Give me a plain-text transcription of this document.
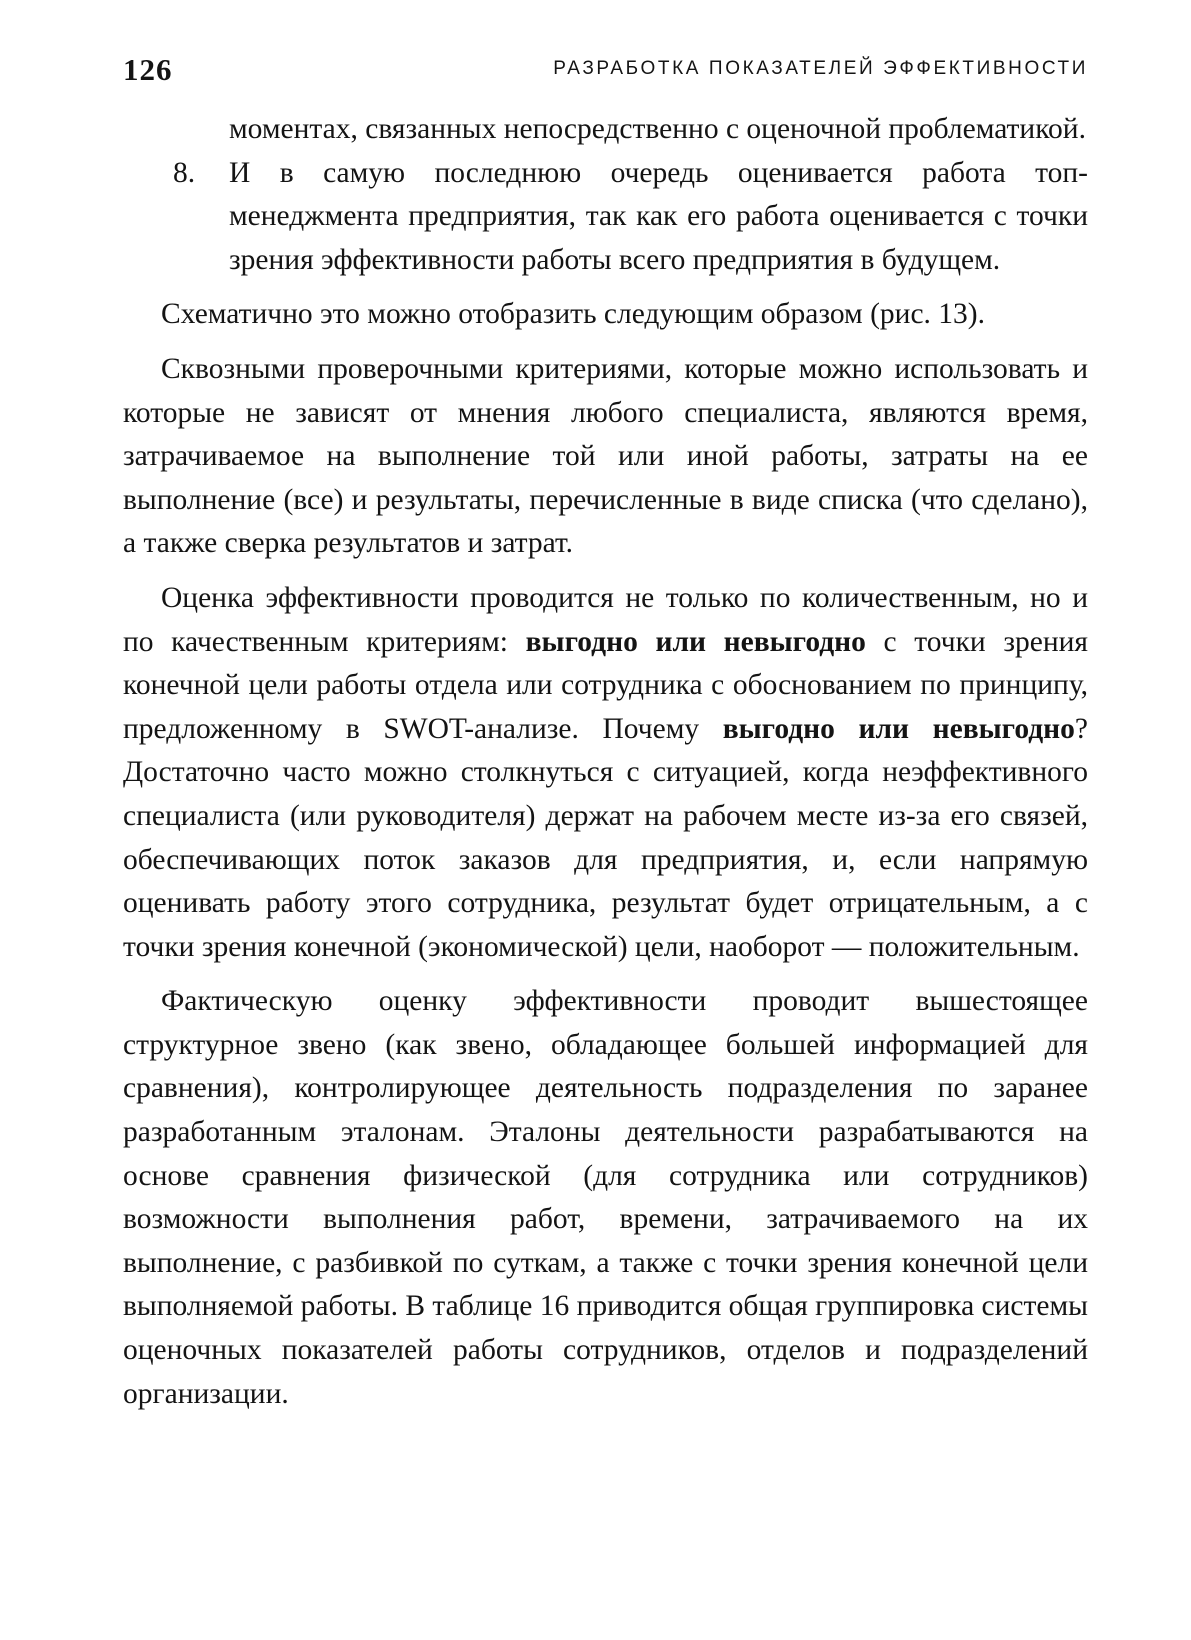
126	РАЗРАБОТКА ПОКАЗАТЕЛЕЙ ЭФФЕКТИВНОСТИ
моментах, связанных непосредственно с оценочной проблематикой.
8.	И в самую последнюю очередь оценивается работа топ-менеджмента предприятия, так как его работа оценивается с точки зрения эффективности работы всего предприятия в будущем.

Схематично это можно отобразить следующим образом (рис. 13).

Сквозными проверочными критериями, которые можно использовать и которые не зависят от мнения любого специалиста, являются время, затрачиваемое на выполнение той или иной работы, затраты на ее выполнение (все) и результаты, перечисленные в виде списка (что сделано), а также сверка результатов и затрат.

Оценка эффективности проводится не только по количественным, но и по качественным критериям: выгодно или невыгодно с точки зрения конечной цели работы отдела или сотрудника с обоснованием по принципу, предложенному в SWOT-анализе. Почему выгодно или невыгодно? Достаточно часто можно столкнуться с ситуацией, когда неэффективного специалиста (или руководителя) держат на рабочем месте из-за его связей, обеспечивающих поток заказов для предприятия, и, если напрямую оценивать работу этого сотрудника, результат будет отрицательным, а с точки зрения конечной (экономической) цели, наоборот — положительным.

Фактическую оценку эффективности проводит вышестоящее структурное звено (как звено, обладающее большей информацией для сравнения), контролирующее деятельность подразделения по заранее разработанным эталонам. Эталоны деятельности разрабатываются на основе сравнения физической (для сотрудника или сотрудников) возможности выполнения работ, времени, затрачиваемого на их выполнение, с разбивкой по суткам, а также с точки зрения конечной цели выполняемой работы. В таблице 16 приводится общая группировка системы оценочных показателей работы сотрудников, отделов и подразделений организации.
